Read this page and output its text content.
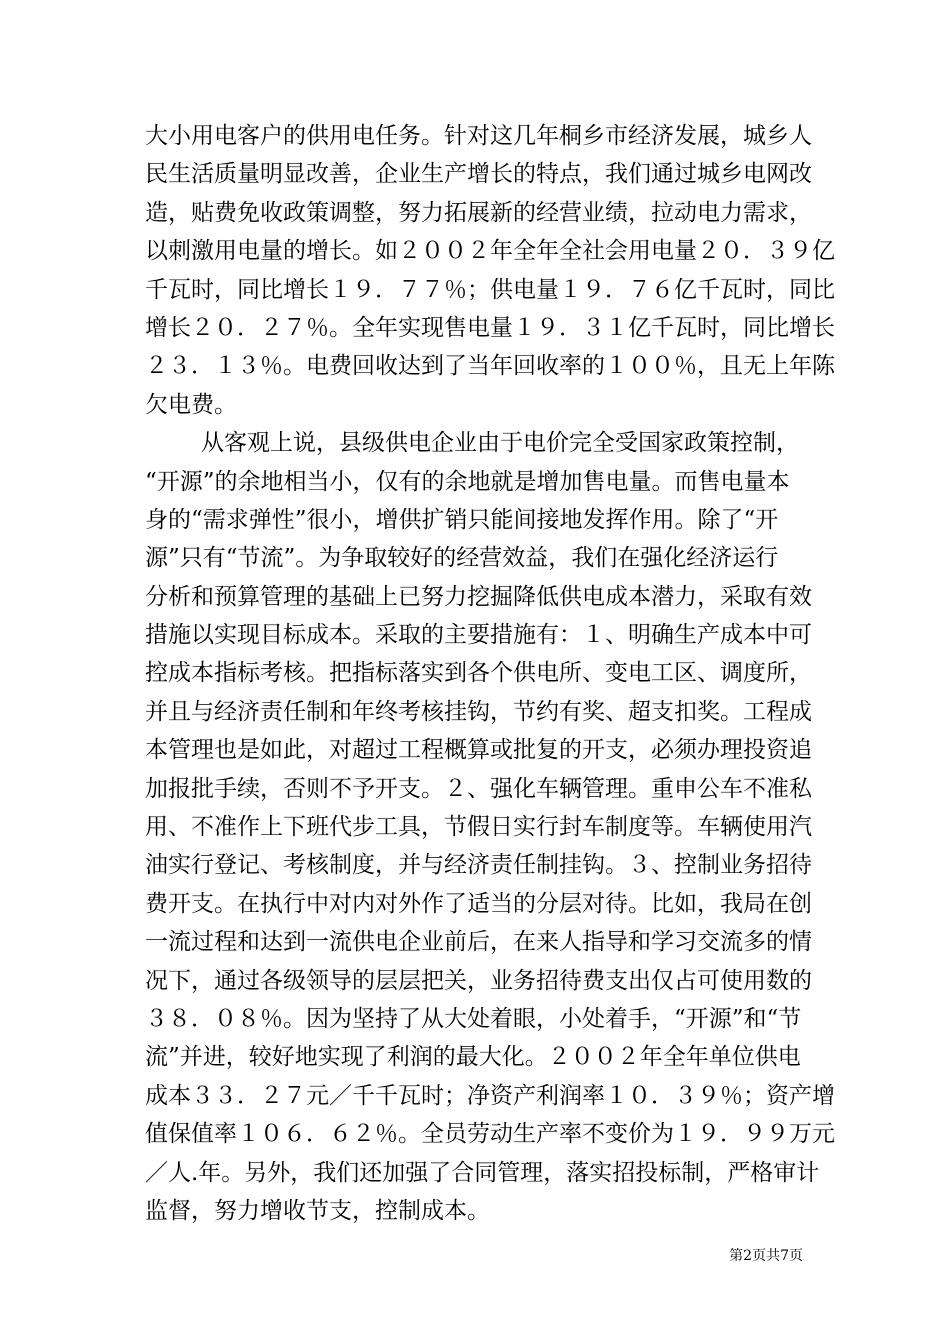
大小用电客户的供用电任务。针对这几年桐乡市经济发展，城乡人
民生活质量明显改善，企业生产增长的特点，我们通过城乡电网改
造，贴费免收政策调整，努力拓展新的经营业绩，拉动电力需求，
以刺激用电量的增长。如２００２年全年全社会用电量２０．３９亿
千瓦时，同比增长１９．７７％；供电量１９．７６亿千瓦时，同比
增长２０．２７％。全年实现售电量１９．３１亿千瓦时，同比增长
２３．１３％。电费回收达到了当年回收率的１００％，且无上年陈
欠电费。
从客观上说，县级供电企业由于电价完全受国家政策控制，
“开源”的余地相当小，仅有的余地就是增加售电量。而售电量本
身的“需求弹性”很小，增供扩销只能间接地发挥作用。除了“开
源”只有“节流”。为争取较好的经营效益，我们在强化经济运行
分析和预算管理的基础上已努力挖掘降低供电成本潜力，采取有效
措施以实现目标成本。采取的主要措施有：１、明确生产成本中可
控成本指标考核。把指标落实到各个供电所、变电工区、调度所，
并且与经济责任制和年终考核挂钩，节约有奖、超支扣奖。工程成
本管理也是如此，对超过工程概算或批复的开支，必须办理投资追
加报批手续，否则不予开支。２、强化车辆管理。重申公车不准私
用、不准作上下班代步工具，节假日实行封车制度等。车辆使用汽
油实行登记、考核制度，并与经济责任制挂钩。３、控制业务招待
费开支。在执行中对内对外作了适当的分层对待。比如，我局在创
一流过程和达到一流供电企业前后，在来人指导和学习交流多的情
况下，通过各级领导的层层把关，业务招待费支出仅占可使用数的
３８．０８％。因为坚持了从大处着眼，小处着手，“开源”和“节
流”并进，较好地实现了利润的最大化。２００２年全年单位供电
成本３３．２７元／千千瓦时；净资产利润率１０．３９％；资产增
值保值率１０６．６２％。全员劳动生产率不变价为１９．９９万元
／人.年。另外，我们还加强了合同管理，落实招投标制，严格审计
监督，努力增收节支，控制成本。
第2页共7页
